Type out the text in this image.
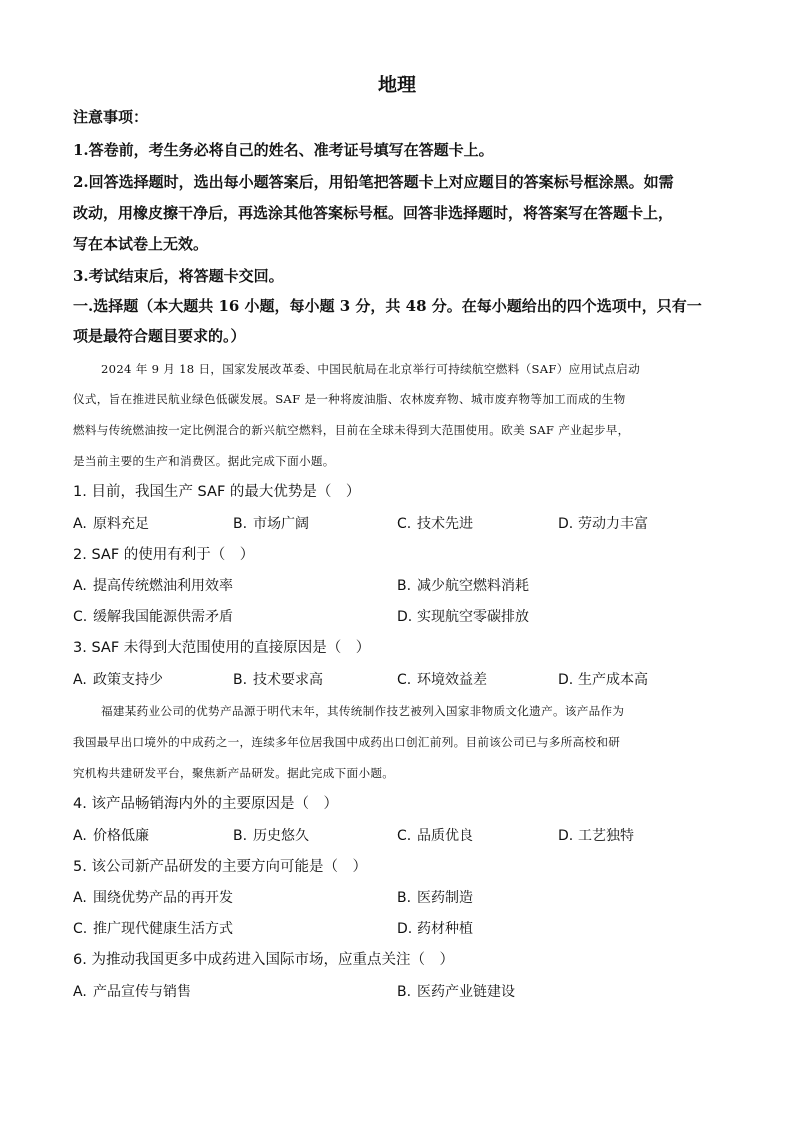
地理
注意事项：
1.答卷前，考生务必将自己的姓名、准考证号填写在答题卡上。
2.回答选择题时，选出每小题答案后，用铅笔把答题卡上对应题目的答案标号框涂黑。如需
改动，用橡皮擦干净后，再选涂其他答案标号框。回答非选择题时，将答案写在答题卡上，
写在本试卷上无效。
3.考试结束后，将答题卡交回。
一.选择题（本大题共 16 小题，每小题 3 分，共 48 分。在每小题给出的四个选项中，只有一
项是最符合题目要求的。）
2024 年 9 月 18 日，国家发展改革委、中国民航局在北京举行可持续航空燃料（SAF）应用试点启动
仪式，旨在推进民航业绿色低碳发展。SAF 是一种将废油脂、农林废弃物、城市废弃物等加工而成的生物
燃料与传统燃油按一定比例混合的新兴航空燃料，目前在全球未得到大范围使用。欧美 SAF 产业起步早，
是当前主要的生产和消费区。据此完成下面小题。
1. 目前，我国生产 SAF 的最大优势是（　）
A. 原料充足	B. 市场广阔	C. 技术先进	D. 劳动力丰富
2. SAF 的使用有利于（　）
A. 提高传统燃油利用效率	B. 减少航空燃料消耗
C. 缓解我国能源供需矛盾	D. 实现航空零碳排放
3. SAF 未得到大范围使用的直接原因是（　）
A. 政策支持少	B. 技术要求高	C. 环境效益差	D. 生产成本高
福建某药业公司的优势产品源于明代末年，其传统制作技艺被列入国家非物质文化遗产。该产品作为
我国最早出口境外的中成药之一，连续多年位居我国中成药出口创汇前列。目前该公司已与多所高校和研
究机构共建研发平台，聚焦新产品研发。据此完成下面小题。
4. 该产品畅销海内外的主要原因是（　）
A. 价格低廉	B. 历史悠久	C. 品质优良	D. 工艺独特
5. 该公司新产品研发的主要方向可能是（　）
A. 围绕优势产品的再开发	B. 医药制造
C. 推广现代健康生活方式	D. 药材种植
6. 为推动我国更多中成药进入国际市场，应重点关注（　）
A. 产品宣传与销售	B. 医药产业链建设
